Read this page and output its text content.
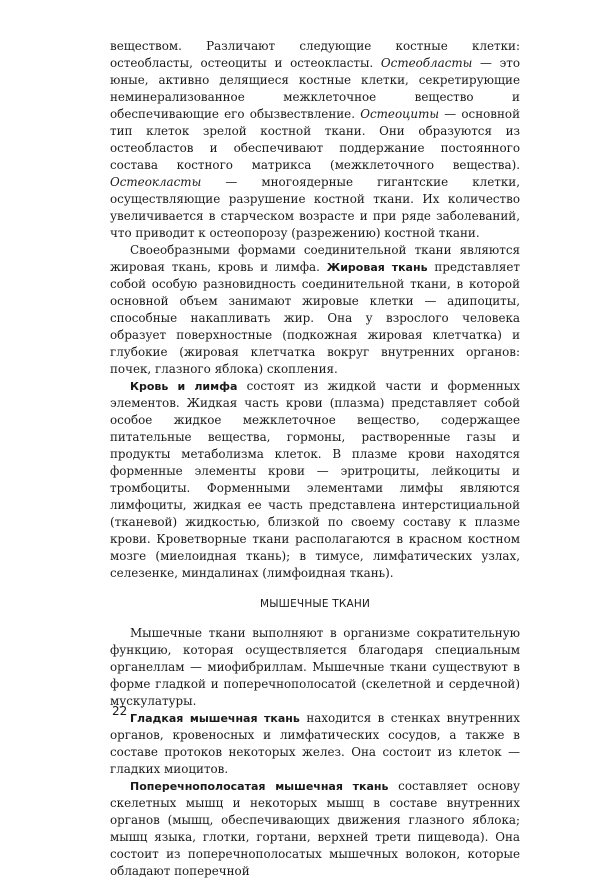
веществом. Различают следующие костные клетки: остеобласты, остеоциты и остеокласты. Остеобласты — это юные, активно делящиеся костные клетки, секретирующие неминерализованное межклеточное вещество и обеспечивающие его обызвествление. Остеоциты — основной тип клеток зрелой костной ткани. Они образуются из остеобластов и обеспечивают поддержание постоянного состава костного матрикса (межклеточного вещества). Остеокласты — многоядерные гигантские клетки, осуществляющие разрушение костной ткани. Их количество увеличивается в старческом возрасте и при ряде заболеваний, что приводит к остеопорозу (разрежению) костной ткани.

Своеобразными формами соединительной ткани являются жировая ткань, кровь и лимфа. Жировая ткань представляет собой особую разновидность соединительной ткани, в которой основной объем занимают жировые клетки — адипоциты, способные накапливать жир. Она у взрослого человека образует поверхностные (подкожная жировая клетчатка) и глубокие (жировая клетчатка вокруг внутренних органов: почек, глазного яблока) скопления.

Кровь и лимфа состоят из жидкой части и форменных элементов. Жидкая часть крови (плазма) представляет собой особое жидкое межклеточное вещество, содержащее питательные вещества, гормоны, растворенные газы и продукты метаболизма клеток. В плазме крови находятся форменные элементы крови — эритроциты, лейкоциты и тромбоциты. Форменными элементами лимфы являются лимфоциты, жидкая ее часть представлена интерстициальной (тканевой) жидкостью, близкой по своему составу к плазме крови. Кроветворные ткани располагаются в красном костном мозге (миелоидная ткань); в тимусе, лимфатических узлах, селезенке, миндалинах (лимфоидная ткань).

МЫШЕЧНЫЕ ТКАНИ

Мышечные ткани выполняют в организме сократительную функцию, которая осуществляется благодаря специальным органеллам — миофибриллам. Мышечные ткани существуют в форме гладкой и поперечнополосатой (скелетной и сердечной) мускулатуры.

Гладкая мышечная ткань находится в стенках внутренних органов, кровеносных и лимфатических сосудов, а также в составе протоков некоторых желез. Она состоит из клеток — гладких миоцитов.

Поперечнополосатая мышечная ткань составляет основу скелетных мышц и некоторых мышц в составе внутренних органов (мышц, обеспечивающих движения глазного яблока; мышц языка, глотки, гортани, верхней трети пищевода). Она состоит из поперечнополосатых мышечных волокон, которые обладают поперечной

22
